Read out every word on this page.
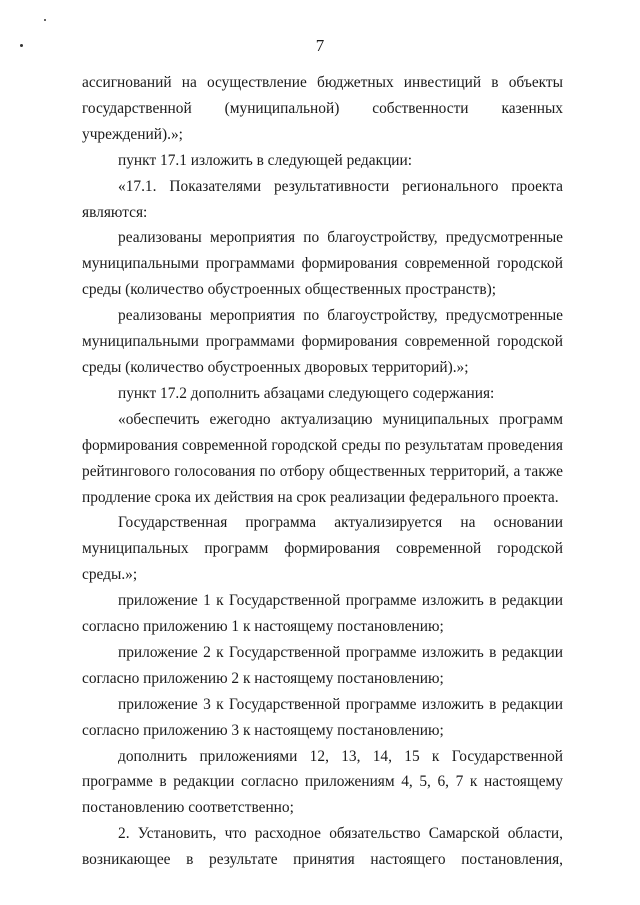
7

ассигнований на осуществление бюджетных инвестиций в объекты государственной (муниципальной) собственности казенных учреждений).»;

пункт 17.1 изложить в следующей редакции:

«17.1. Показателями результативности регионального проекта являются:

реализованы мероприятия по благоустройству, предусмотренные муниципальными программами формирования современной городской среды (количество обустроенных общественных пространств);

реализованы мероприятия по благоустройству, предусмотренные муниципальными программами формирования современной городской среды (количество обустроенных дворовых территорий).»;

пункт 17.2 дополнить абзацами следующего содержания:

«обеспечить ежегодно актуализацию муниципальных программ формирования современной городской среды по результатам проведения рейтингового голосования по отбору общественных территорий, а также продление срока их действия на срок реализации федерального проекта.

Государственная программа актуализируется на основании муниципальных программ формирования современной городской среды.»;

приложение 1 к Государственной программе изложить в редакции согласно приложению 1 к настоящему постановлению;

приложение 2 к Государственной программе изложить в редакции согласно приложению 2 к настоящему постановлению;

приложение 3 к Государственной программе изложить в редакции согласно приложению 3 к настоящему постановлению;

дополнить приложениями 12, 13, 14, 15 к Государственной программе в редакции согласно приложениям 4, 5, 6, 7 к настоящему постановлению соответственно;

2. Установить, что расходное обязательство Самарской области, возникающее в результате принятия настоящего постановления,
